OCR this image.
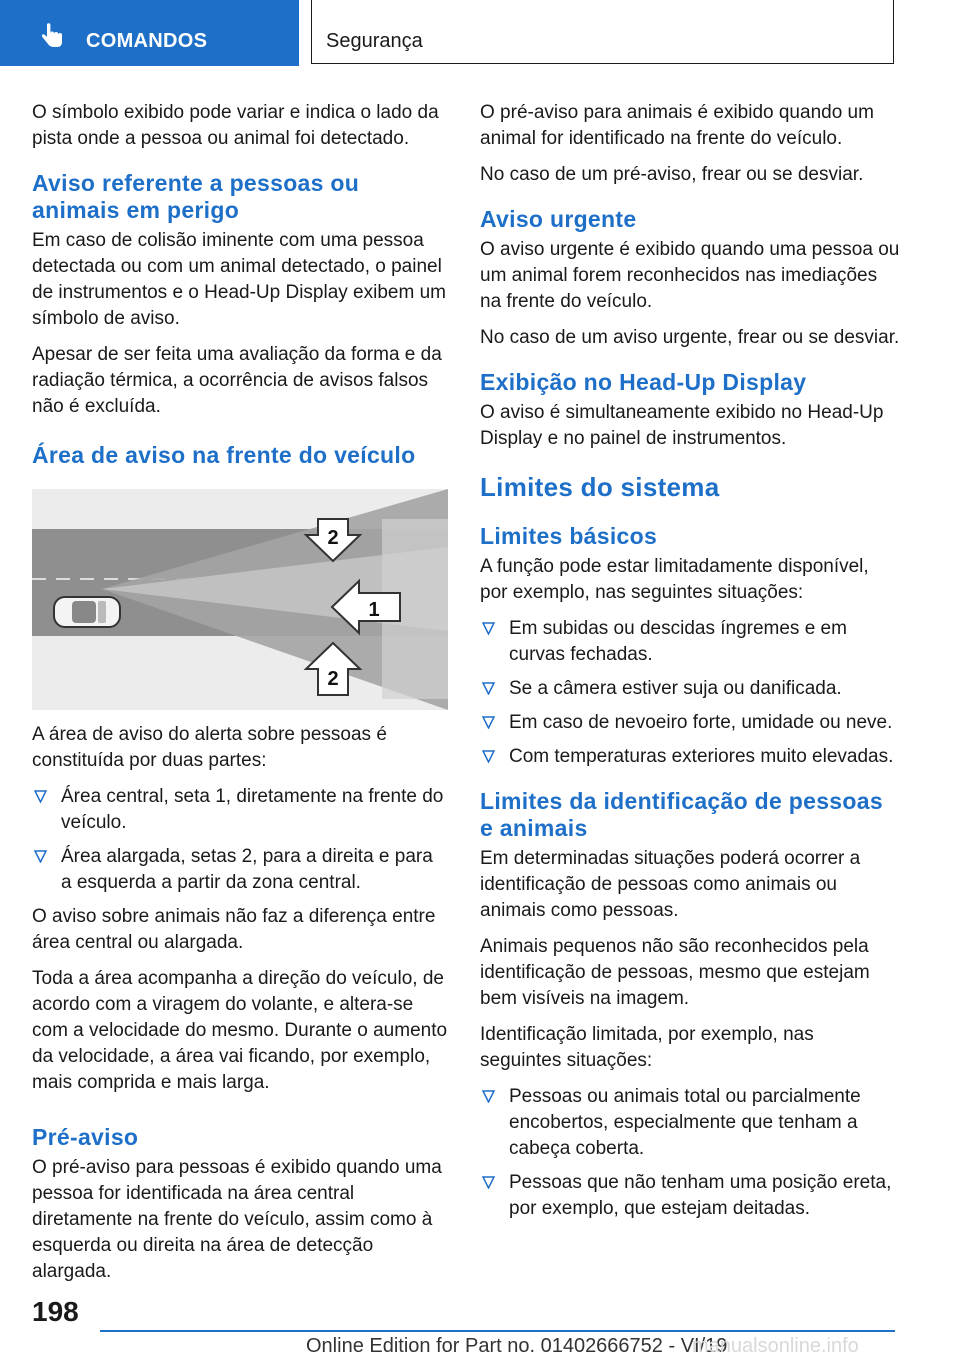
COMANDOS	Segurança

O símbolo exibido pode variar e indica o lado da pista onde a pessoa ou animal foi detectado.

Aviso referente a pessoas ou animais em perigo

Em caso de colisão iminente com uma pessoa detectada ou com um animal detectado, o painel de instrumentos e o Head-Up Display exibem um símbolo de aviso.

Apesar de ser feita uma avaliação da forma e da radiação térmica, a ocorrência de avisos falsos não é excluída.

Área de aviso na frente do veículo
2
1
2

A área de aviso do alerta sobre pessoas é constituída por duas partes:

Área central, seta 1, diretamente na frente do veículo.
Área alargada, setas 2, para a direita e para a esquerda a partir da zona central.

O aviso sobre animais não faz a diferença entre área central ou alargada.

Toda a área acompanha a direção do veículo, de acordo com a viragem do volante, e altera-se com a velocidade do mesmo. Durante o aumento da velocidade, a área vai ficando, por exemplo, mais comprida e mais larga.

Pré-aviso

O pré-aviso para pessoas é exibido quando uma pessoa for identificada na área central diretamente na frente do veículo, assim como à esquerda ou direita na área de detecção alargada.

O pré-aviso para animais é exibido quando um animal for identificado na frente do veículo.

No caso de um pré-aviso, frear ou se desviar.

Aviso urgente

O aviso urgente é exibido quando uma pessoa ou um animal forem reconhecidos nas imediações na frente do veículo.

No caso de um aviso urgente, frear ou se desviar.

Exibição no Head-Up Display

O aviso é simultaneamente exibido no Head-Up Display e no painel de instrumentos.

Limites do sistema
Limites básicos

A função pode estar limitadamente disponível, por exemplo, nas seguintes situações:

Em subidas ou descidas íngremes e em curvas fechadas.
Se a câmera estiver suja ou danificada.
Em caso de nevoeiro forte, umidade ou neve.
Com temperaturas exteriores muito elevadas.
Limites da identificação de pessoas e animais

Em determinadas situações poderá ocorrer a identificação de pessoas como animais ou animais como pessoas.

Animais pequenos não são reconhecidos pela identificação de pessoas, mesmo que estejam bem visíveis na imagem.

Identificação limitada, por exemplo, nas seguintes situações:

Pessoas ou animais total ou parcialmente encobertos, especialmente que tenham a cabeça coberta.
Pessoas que não tenham uma posição ereta, por exemplo, que estejam deitadas.
198
Online Edition for Part no. 01402666752 - VI/19
manualsonline.info
